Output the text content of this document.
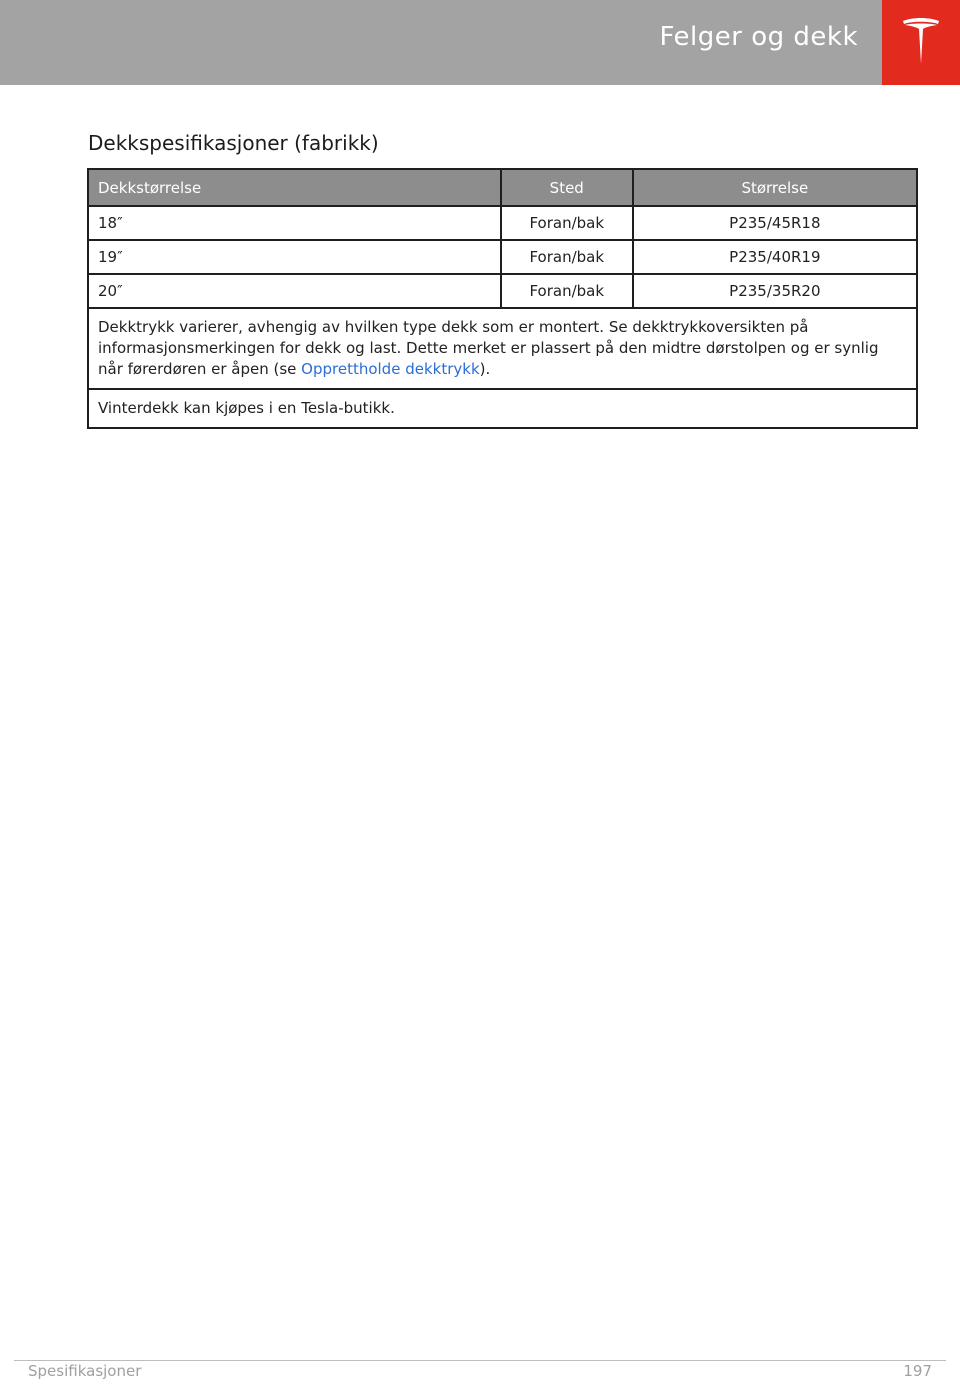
Felger og dekk
Dekkspesifikasjoner (fabrikk)
Dekkstørrelse	Sted	Størrelse
18″	Foran/bak	P235/45R18
19″	Foran/bak	P235/40R19
20″	Foran/bak	P235/35R20
Dekktrykk varierer, avhengig av hvilken type dekk som er montert. Se dekktrykkoversikten på informasjonsmerkingen for dekk og last. Dette merket er plassert på den midtre dørstolpen og er synlig når førerdøren er åpen (se Opprettholde dekktrykk).		
Vinterdekk kan kjøpes i en Tesla-butikk.		
Spesifikasjoner	197
